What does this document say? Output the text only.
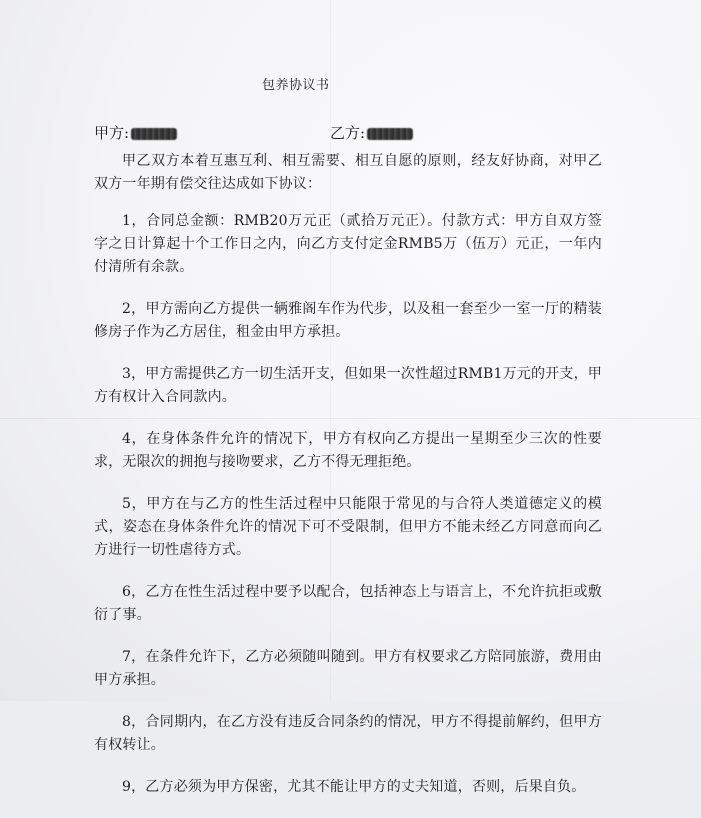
包养协议书
甲方:	乙方:

甲乙双方本着互惠互利、相互需要、相互自愿的原则，经友好协商，对甲乙双方一年期有偿交往达成如下协议：

1，合同总金额：RMB20万元正（贰拾万元正）。付款方式：甲方自双方签字之日计算起十个工作日之内，向乙方支付定金RMB5万（伍万）元正，一年内付清所有余款。

2，甲方需向乙方提供一辆雅阁车作为代步，以及租一套至少一室一厅的精装修房子作为乙方居住，租金由甲方承担。

3，甲方需提供乙方一切生活开支，但如果一次性超过RMB1万元的开支，甲方有权计入合同款内。

4，在身体条件允许的情况下，甲方有权向乙方提出一星期至少三次的性要求，无限次的拥抱与接吻要求，乙方不得无理拒绝。

5，甲方在与乙方的性生活过程中只能限于常见的与合符人类道德定义的模式，姿态在身体条件允许的情况下可不受限制，但甲方不能未经乙方同意而向乙方进行一切性虐待方式。

6，乙方在性生活过程中要予以配合，包括神态上与语言上，不允许抗拒或敷衍了事。

7，在条件允许下，乙方必须随叫随到。甲方有权要求乙方陪同旅游，费用由甲方承担。

8，合同期内，在乙方没有违反合同条约的情况，甲方不得提前解约，但甲方有权转让。

9，乙方必须为甲方保密，尤其不能让甲方的丈夫知道，否则，后果自负。
